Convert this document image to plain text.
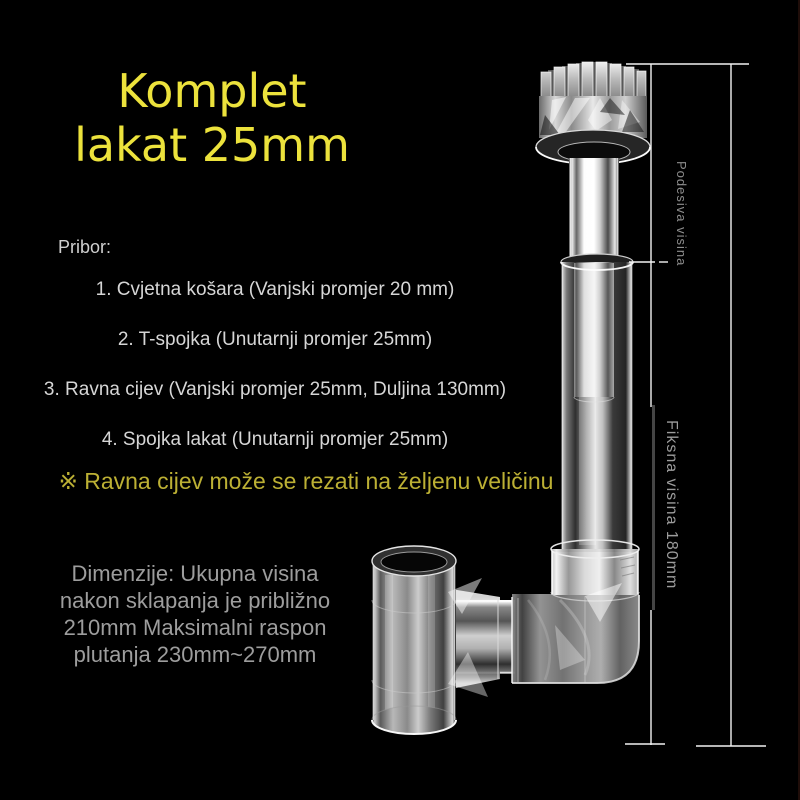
Komplet
lakat 25mm
Pribor:
1. Cvjetna košara (Vanjski promjer 20 mm)
2. T-spojka (Unutarnji promjer 25mm)
3. Ravna cijev (Vanjski promjer 25mm, Duljina 130mm)
4. Spojka lakat (Unutarnji promjer 25mm)
※ Ravna cijev može se rezati na željenu veličinu
Dimenzije: Ukupna visina
nakon sklapanja je približno
210mm Maksimalni raspon
plutanja 230mm~270mm
Podesiva visina
Fiksna visina 180mm
